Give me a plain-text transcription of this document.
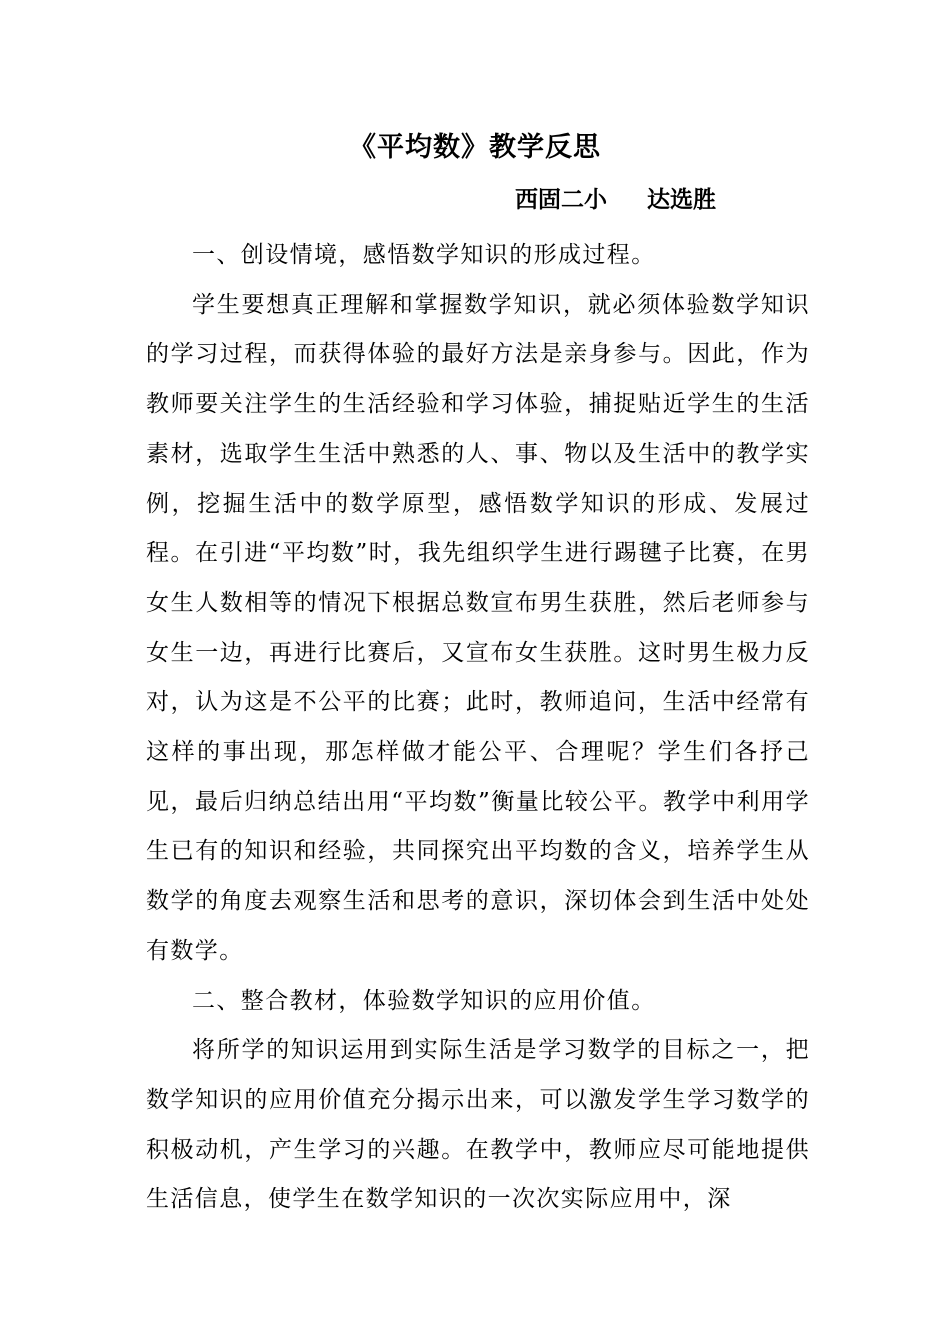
《平均数》教学反思
西固二小     达选胜

一、创设情境，感悟数学知识的形成过程。

学生要想真正理解和掌握数学知识，就必须体验数学知识的学习过程，而获得体验的最好方法是亲身参与。因此，作为教师要关注学生的生活经验和学习体验，捕捉贴近学生的生活素材，选取学生生活中熟悉的人、事、物以及生活中的教学实例，挖掘生活中的数学原型，感悟数学知识的形成、发展过程。在引进“平均数”时，我先组织学生进行踢毽子比赛，在男女生人数相等的情况下根据总数宣布男生获胜，然后老师参与女生一边，再进行比赛后，又宣布女生获胜。这时男生极力反对，认为这是不公平的比赛；此时，教师追问，生活中经常有这样的事出现，那怎样做才能公平、合理呢？学生们各抒己见，最后归纳总结出用“平均数”衡量比较公平。教学中利用学生已有的知识和经验，共同探究出平均数的含义，培养学生从数学的角度去观察生活和思考的意识，深切体会到生活中处处有数学。

二、整合教材，体验数学知识的应用价值。

将所学的知识运用到实际生活是学习数学的目标之一，把数学知识的应用价值充分揭示出来，可以激发学生学习数学的积极动机，产生学习的兴趣。在教学中，教师应尽可能地提供生活信息，使学生在数学知识的一次次实际应用中，深
